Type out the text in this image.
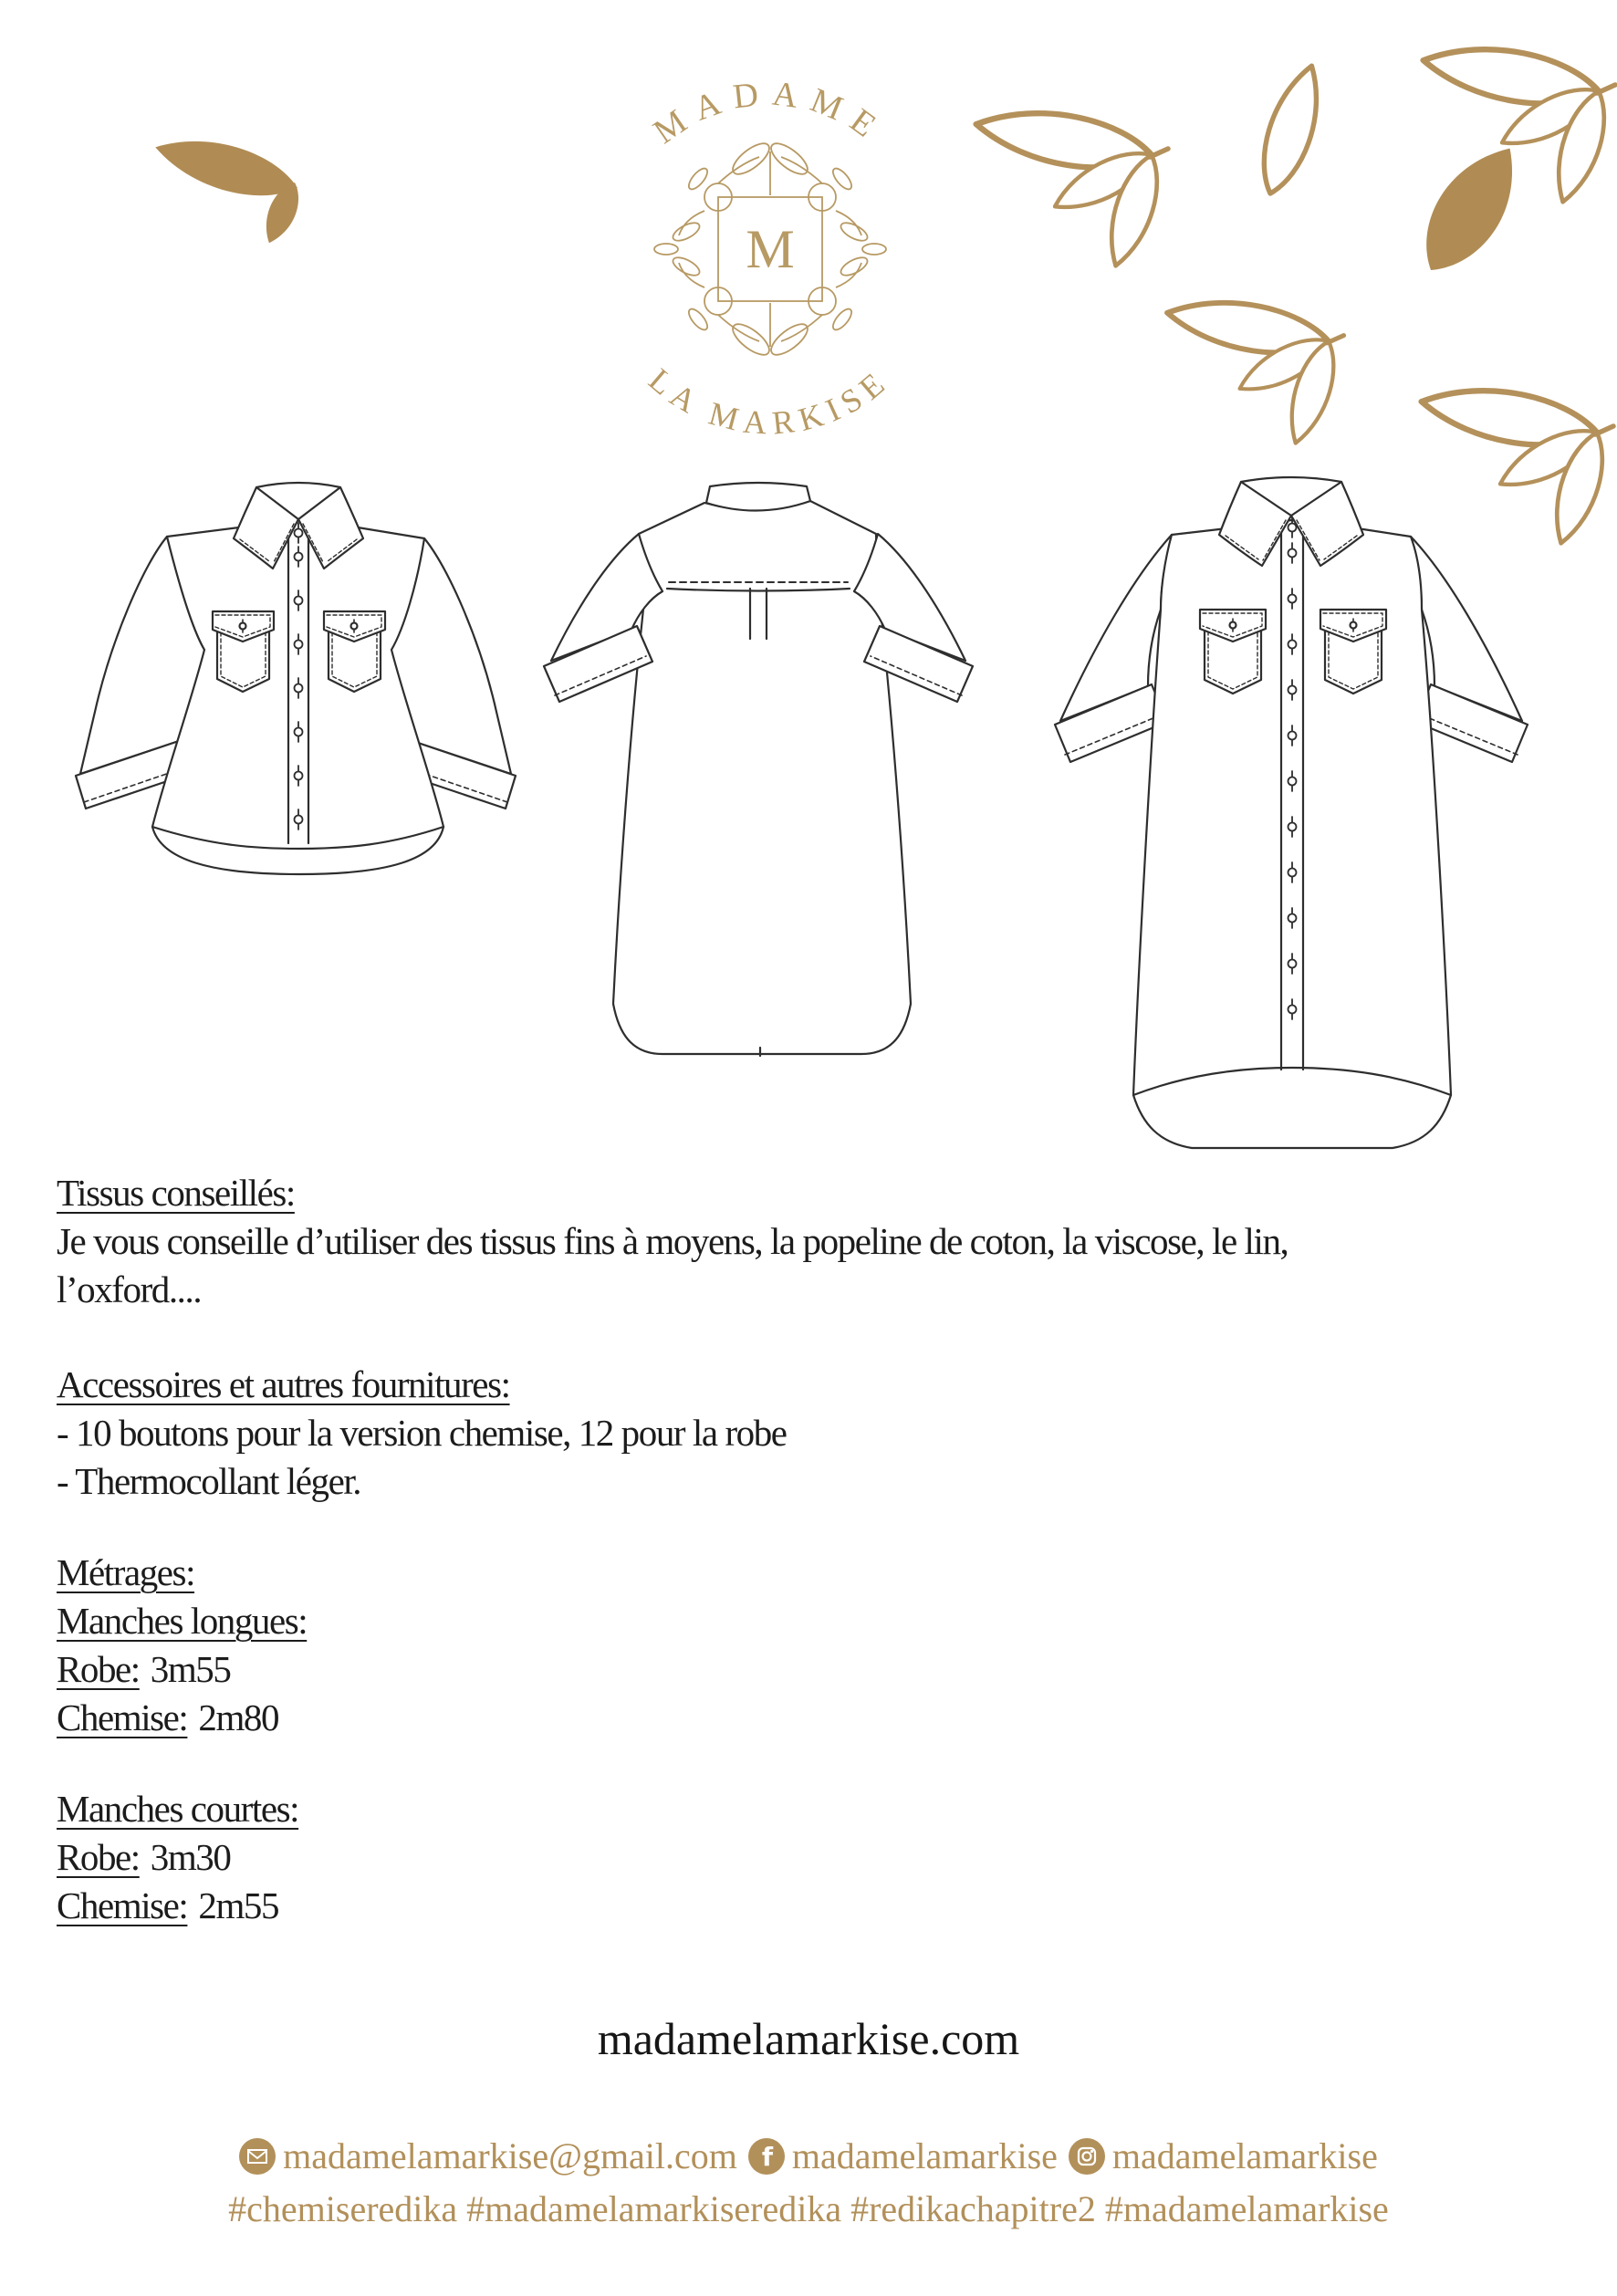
MADAME
LA MARKISE
M
Tissus conseillés:
Je vous conseille d’utiliser des tissus fins à moyens, la popeline de coton, la viscose, le lin,
l’oxford....
Accessoires et autres fournitures:
- 10 boutons pour la version chemise, 12 pour la robe
- Thermocollant léger.
Métrages:
Manches longues:
Robe: 3m55
Chemise: 2m80
Manches courtes:
Robe: 3m30
Chemise: 2m55
madamelamarkise.com
madamelamarkise@gmail.com f madamelamarkise madamelamarkise
#chemiseredika #madamelamarkiseredika #redikachapitre2 #madamelamarkise
